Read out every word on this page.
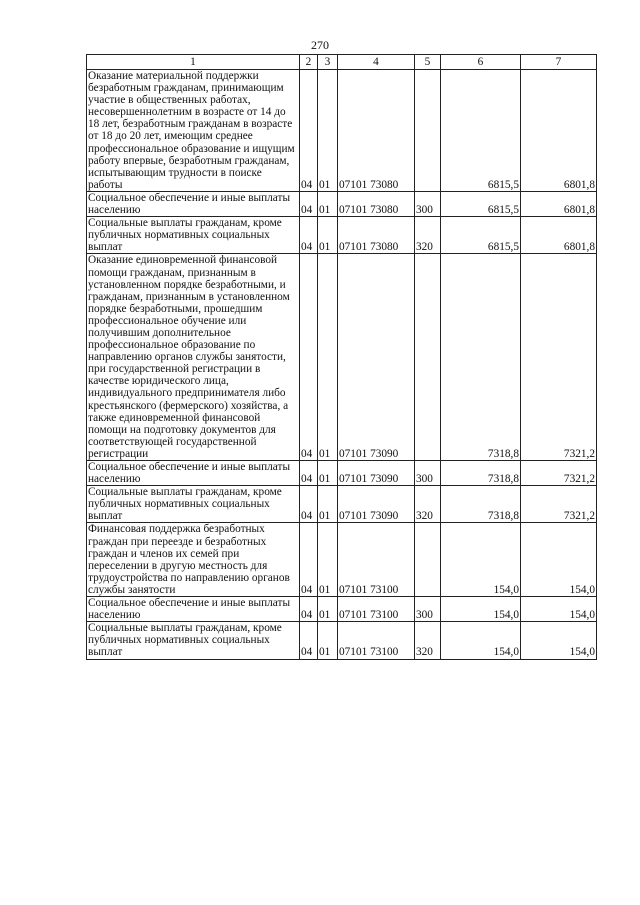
270
1	2	3	4	5	6	7
Оказание материальной поддержки безработным гражданам, принимающим участие в общественных работах, несовершеннолетним в возрасте от 14 до 18 лет, безработным гражданам в возрасте от 18 до 20 лет, имеющим среднее профессиональное образование и ищущим работу впервые, безработным гражданам, испытывающим трудности в поиске работы	04	01	07101 73080		6815,5	6801,8
Социальное обеспечение и иные выплаты населению	04	01	07101 73080	300	6815,5	6801,8
Социальные выплаты гражданам, кроме публичных нормативных социальных выплат	04	01	07101 73080	320	6815,5	6801,8
Оказание единовременной финансовой помощи гражданам, признанным в установленном порядке безработными, и гражданам, признанным в установленном порядке безработными, прошедшим профессиональное обучение или получившим дополнительное профессиональное образование по направлению органов службы занятости, при государственной регистрации в качестве юридического лица, индивидуального предпринимателя либо крестьянского (фермерского) хозяйства, а также единовременной финансовой помощи на подготовку документов для соответствующей государственной регистрации	04	01	07101 73090		7318,8	7321,2
Социальное обеспечение и иные выплаты населению	04	01	07101 73090	300	7318,8	7321,2
Социальные выплаты гражданам, кроме публичных нормативных социальных выплат	04	01	07101 73090	320	7318,8	7321,2
Финансовая поддержка безработных граждан при переезде и безработных граждан и членов их семей при переселении в другую местность для трудоустройства по направлению органов службы занятости	04	01	07101 73100		154,0	154,0
Социальное обеспечение и иные выплаты населению	04	01	07101 73100	300	154,0	154,0
Социальные выплаты гражданам, кроме публичных нормативных социальных выплат	04	01	07101 73100	320	154,0	154,0
